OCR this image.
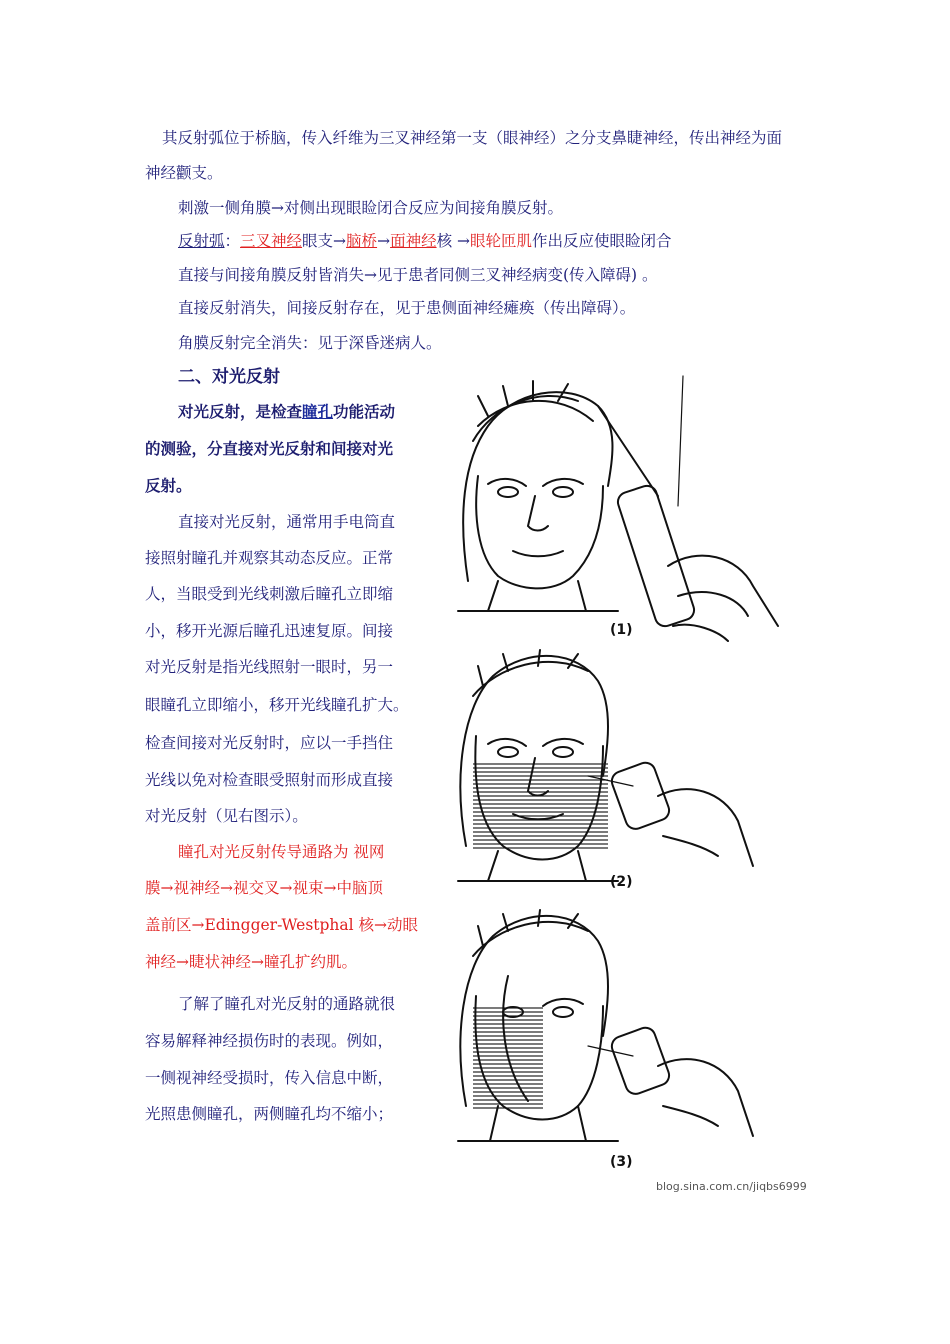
其反射弧位于桥脑，传入纤维为三叉神经第一支（眼神经）之分支鼻睫神经，传出神经为面
神经颧支。
刺激一侧角膜→对侧出现眼睑闭合反应为间接角膜反射。
反射弧：三叉神经眼支→脑桥→面神经核 →眼轮匝肌作出反应使眼睑闭合
直接与间接角膜反射皆消失→见于患者同侧三叉神经病变(传入障碍) 。
直接反射消失，间接反射存在，见于患侧面神经瘫痪（传出障碍）。
角膜反射完全消失：见于深昏迷病人。
二、对光反射
对光反射，是检查瞳孔功能活动
的测验，分直接对光反射和间接对光
反射。
直接对光反射，通常用手电筒直
接照射瞳孔并观察其动态反应。正常
人，当眼受到光线刺激后瞳孔立即缩
小，移开光源后瞳孔迅速复原。间接
对光反射是指光线照射一眼时，另一
眼瞳孔立即缩小，移开光线瞳孔扩大。
检查间接对光反射时，应以一手挡住
光线以免对检查眼受照射而形成直接
对光反射（见右图示）。
瞳孔对光反射传导通路为 视网
膜→视神经→视交叉→视束→中脑顶
盖前区→Edingger-Westphal 核→动眼
神经→睫状神经→瞳孔扩约肌。
了解了瞳孔对光反射的通路就很
容易解释神经损伤时的表现。例如，
一侧视神经受损时，传入信息中断，
光照患侧瞳孔，两侧瞳孔均不缩小；
(1)
(2)
(3)
blog.sina.com.cn/jiqbs6999
